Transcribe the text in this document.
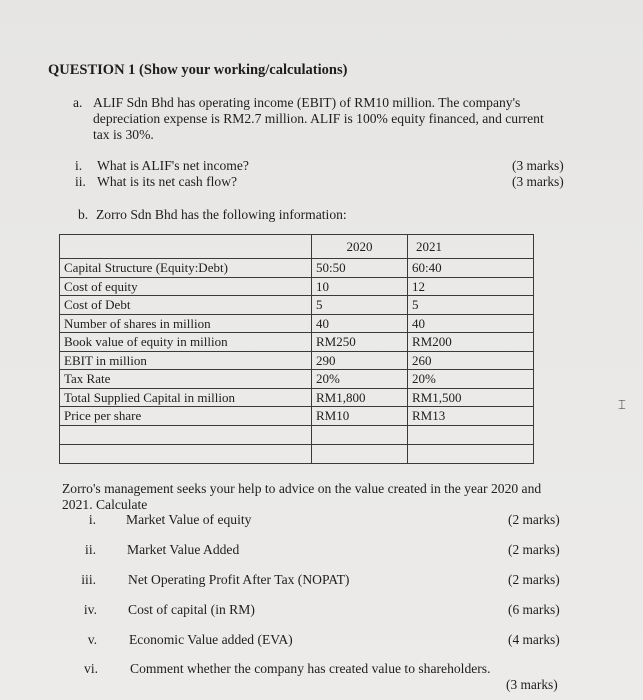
QUESTION 1 (Show your working/calculations)
a. ALIF Sdn Bhd has operating income (EBIT) of RM10 million. The company's
depreciation expense is RM2.7 million. ALIF is 100% equity financed, and current
tax is 30%.
i. What is ALIF's net income?	(3 marks)
ii. What is its net cash flow?	(3 marks)
b. Zorro Sdn Bhd has the following information:
	2020	2021
Capital Structure (Equity:Debt)	50:50	60:40
Cost of equity	10	12
Cost of Debt	5	5
Number of shares in million	40	40
Book value of equity in million	RM250	RM200
EBIT in million	290	260
Tax Rate	20%	20%
Total Supplied Capital in million	RM1,800	RM1,500
Price per share	RM10	RM13

⌶
Zorro's management seeks your help to advice on the value created in the year 2020 and
2021. Calculate
i. Market Value of equity	(2 marks)
ii. Market Value Added	(2 marks)
iii. Net Operating Profit After Tax (NOPAT)	(2 marks)
iv. Cost of capital (in RM)	(6 marks)
v. Economic Value added (EVA)	(4 marks)
vi. Comment whether the company has created value to shareholders.
(3 marks)
